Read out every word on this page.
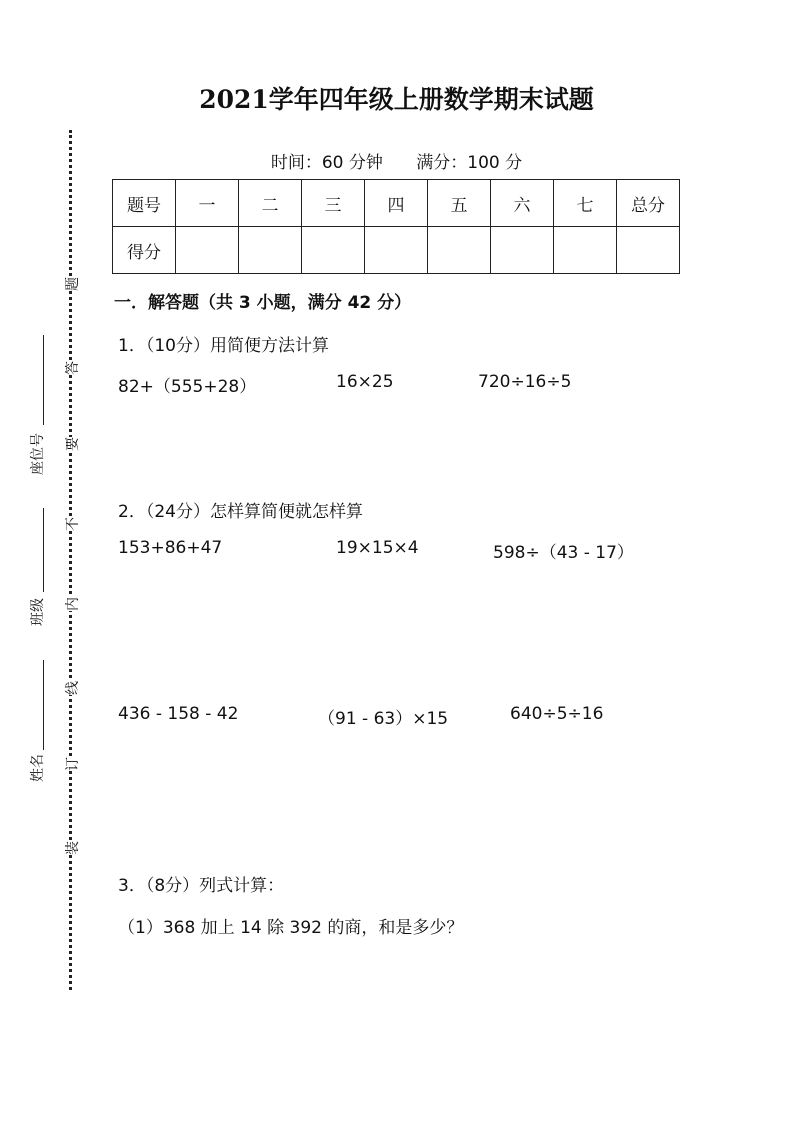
题
答
要
不
内
线
订
装
座位号
班级
姓名
2021学年四年级上册数学期末试题
时间：60 分钟 满分：100 分
题号	一	二	三	四	五	六	七	总分
得分								
一．解答题（共 3 小题，满分 42 分）
1．（10分）用简便方法计算
82+（555+28）	16×25	720÷16÷5
2．（24分）怎样算简便就怎样算
153+86+47	19×15×4	598÷（43 - 17）
436 - 158 - 42	（91 - 63）×15	640÷5÷16
3．（8分）列式计算：
（1）368 加上 14 除 392 的商，和是多少？
